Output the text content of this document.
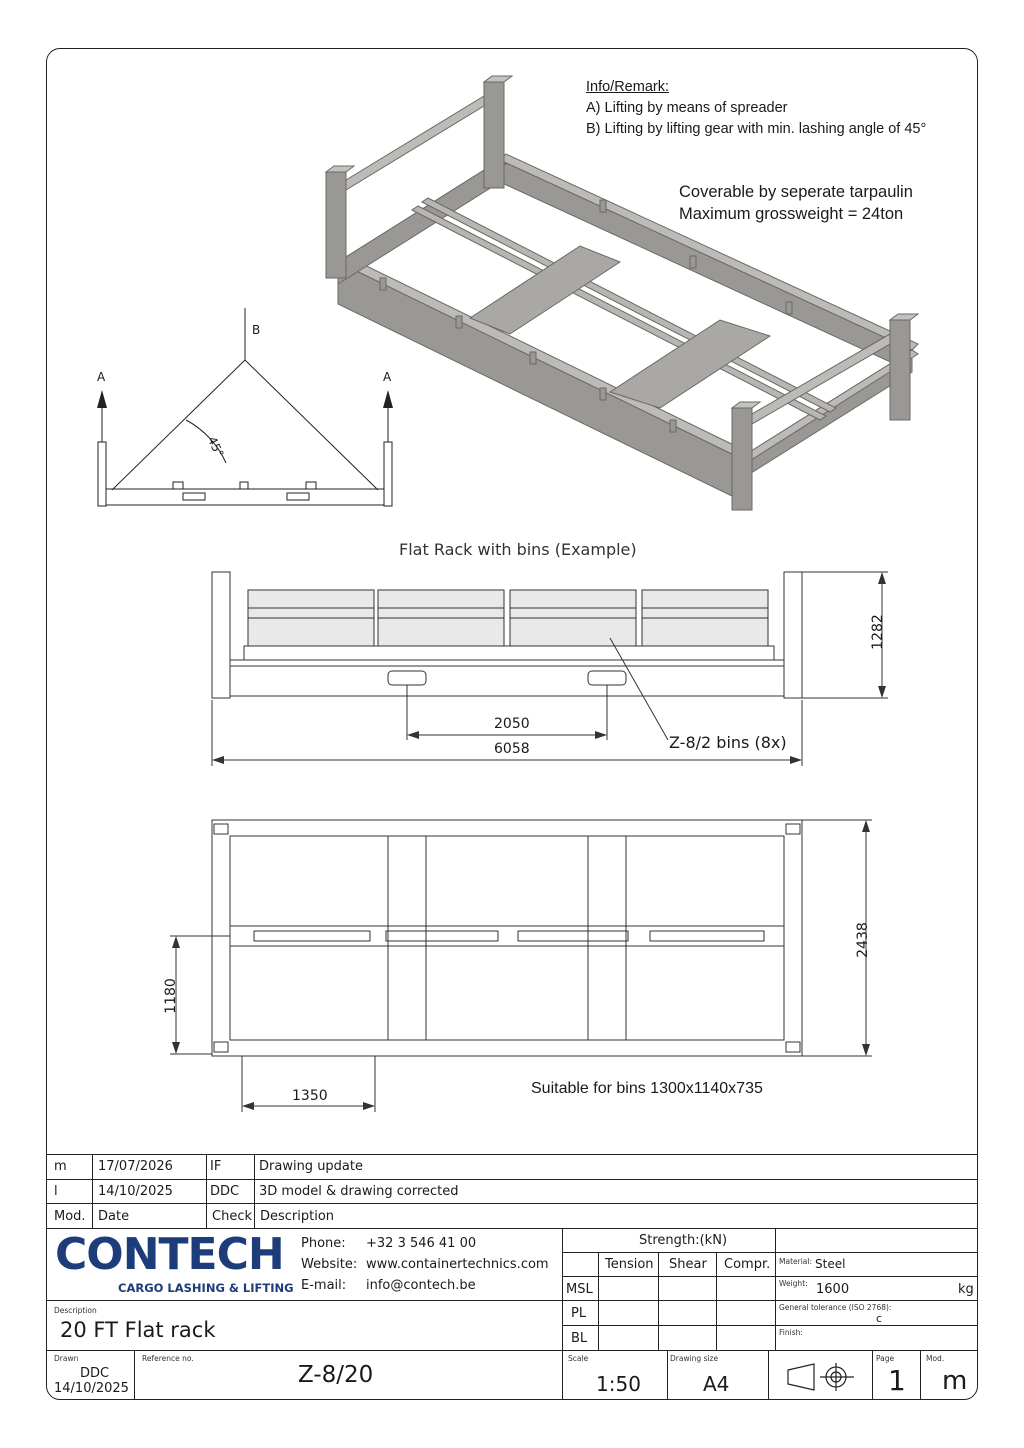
Info/Remark:
A) Lifting by means of spreader
B) Lifting by lifting gear with min. lashing angle of 45°
Coverable by seperate tarpaulin
Maximum grossweight = 24ton
B
A	A
45°
Flat Rack with bins (Example)
1282
2050
6058	Z-8/2 bins (8x)
2438
1180
1350	Suitable for bins 1300x1140x735
m 17/07/2026	IF	Drawing update
l	14/10/2025	DDC 3D model & drawing corrected
Mod. Date	Check Description
CONTECH
CARGO LASHING & LIFTING
Phone: +32 3 546 41 00
Website: www.containertechnics.com
E-mail: info@contech.be
Strength:(kN)
Tension Shear Compr.
MSL
PL
BL
Material: Steel
Weight: 1600	kg
General tolerance (ISO 2768):
c
Finish:
Description
20 FT Flat rack
Drawn
DDC
14/10/2025
Reference no.
Z-8/20
Scale
1:50
Drawing size
A4
Page
1
Mod.
m
